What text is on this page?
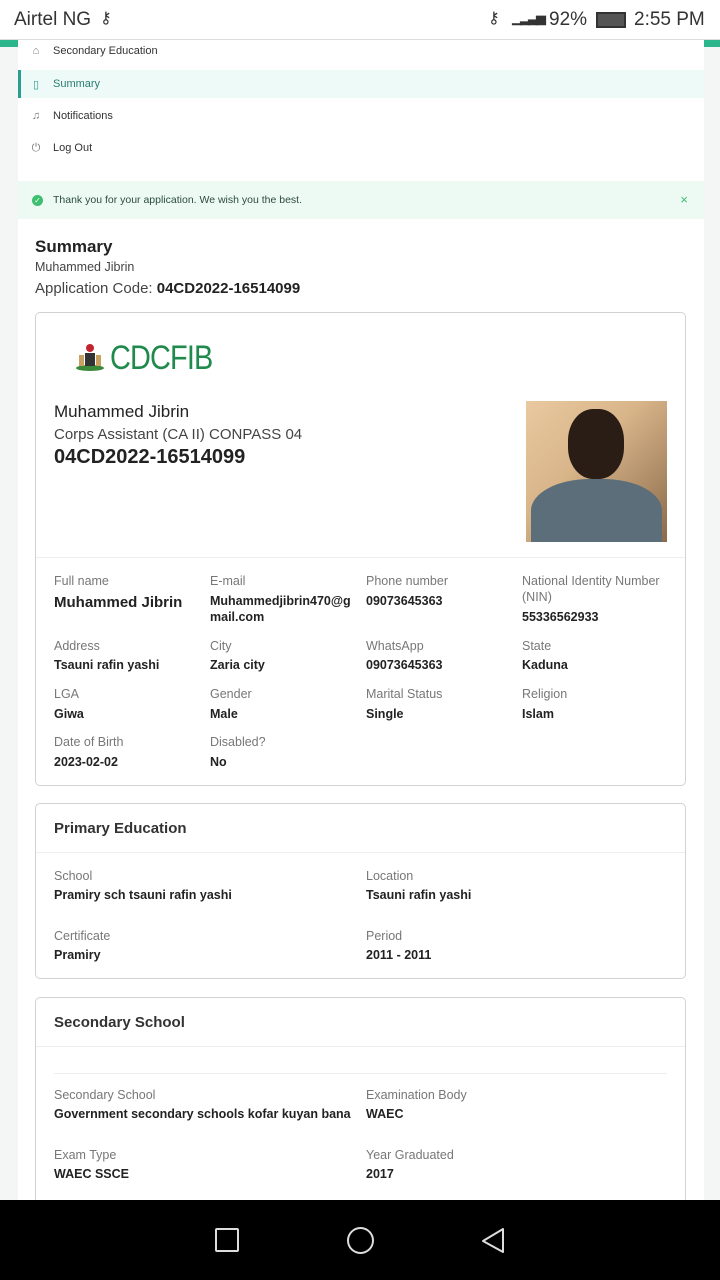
Airtel NG ⚷	⚷ ▁▂▃▅ 92% 2:55 PM
⌂	Secondary Education
▯	Summary
♫	Notifications
⏻	Log Out
✓ Thank you for your application. We wish you the best.	×
Summary
Muhammed Jibrin
Application Code: 04CD2022-16514099
CDCFIB
Muhammed Jibrin
Corps Assistant (CA II) CONPASS 04
04CD2022-16514099
Full name
Muhammed Jibrin
E-mail
Muhammedjibrin470@gmail.com
Phone number
09073645363
National Identity Number (NIN)
55336562933
Address
Tsauni rafin yashi
City
Zaria city
WhatsApp
09073645363
State
Kaduna
LGA
Giwa
Gender
Male
Marital Status
Single
Religion
Islam
Date of Birth
2023-02-02
Disabled?
No
Primary Education
School
Pramiry sch tsauni rafin yashi
Location
Tsauni rafin yashi
Certificate
Pramiry
Period
2011 - 2011
Secondary School
Secondary School
Government secondary schools kofar kuyan bana
Examination Body
WAEC
Exam Type
WAEC SSCE
Year Graduated
2017
